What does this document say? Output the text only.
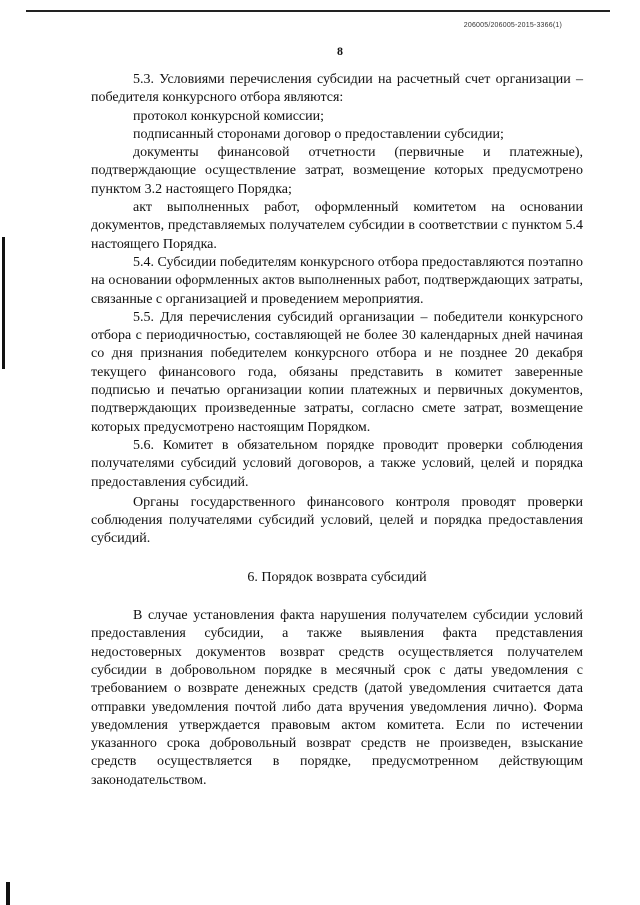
206005/206005-2015-3366(1)
8

5.3. Условиями перечисления субсидии на расчетный счет организации – победителя конкурсного отбора являются:

протокол конкурсной комиссии;

подписанный сторонами договор о предоставлении субсидии;

документы финансовой отчетности (первичные и платежные), подтверждающие осуществление затрат, возмещение которых предусмотрено пунктом 3.2 настоящего Порядка;

акт выполненных работ, оформленный комитетом на основании документов, представляемых получателем субсидии в соответствии с пунктом 5.4 настоящего Порядка.

5.4. Субсидии победителям конкурсного отбора предоставляются поэтапно на основании оформленных актов выполненных работ, подтверждающих затраты, связанные с организацией и проведением мероприятия.

5.5. Для перечисления субсидий организации – победители конкурсного отбора с периодичностью, составляющей не более 30 календарных дней начиная со дня признания победителем конкурсного отбора и не позднее 20 декабря текущего финансового года, обязаны представить в комитет заверенные подписью и печатью организации копии платежных и первичных документов, подтверждающих произведенные затраты, согласно смете затрат, возмещение которых предусмотрено настоящим Порядком.

5.6. Комитет в обязательном порядке проводит проверки соблюдения получателями субсидий условий договоров, а также условий, целей и порядка предоставления субсидий.

Органы государственного финансового контроля проводят проверки соблюдения получателями субсидий условий, целей и порядка предоставления субсидий.

6. Порядок возврата субсидий

В случае установления факта нарушения получателем субсидии условий предоставления субсидии, а также выявления факта представления недостоверных документов возврат средств осуществляется получателем субсидии в добровольном порядке в месячный срок с даты уведомления с требованием о возврате денежных средств (датой уведомления считается дата отправки уведомления почтой либо дата вручения уведомления лично). Форма уведомления утверждается правовым актом комитета. Если по истечении указанного срока добровольный возврат средств не произведен, взыскание средств осуществляется в порядке, предусмотренном действующим законодательством.
